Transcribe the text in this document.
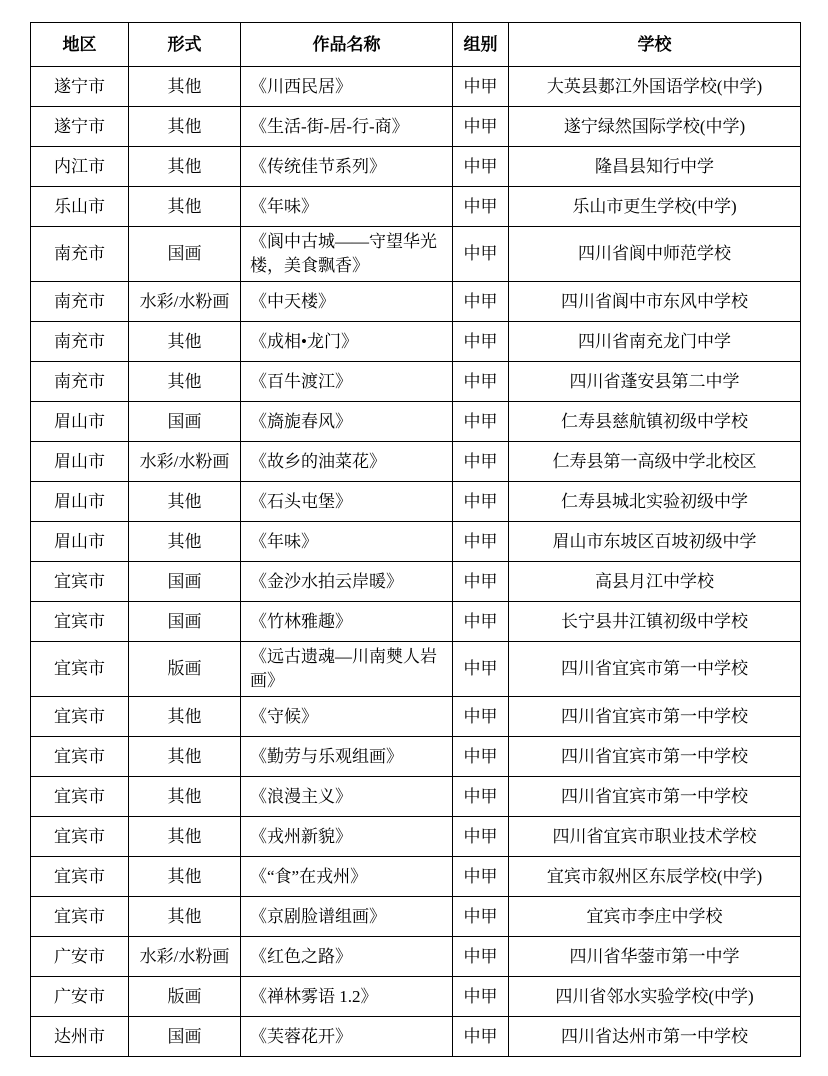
地区	形式	作品名称	组别	学校
遂宁市	其他	《川西民居》	中甲	大英县郪江外国语学校(中学)
遂宁市	其他	《生活-街-居-行-商》	中甲	遂宁绿然国际学校(中学)
内江市	其他	《传统佳节系列》	中甲	隆昌县知行中学
乐山市	其他	《年味》	中甲	乐山市更生学校(中学)
南充市	国画	《阆中古城——守望华光楼，美食飘香》	中甲	四川省阆中师范学校
南充市	水彩/水粉画	《中天楼》	中甲	四川省阆中市东风中学校
南充市	其他	《成相•龙门》	中甲	四川省南充龙门中学
南充市	其他	《百牛渡江》	中甲	四川省蓬安县第二中学
眉山市	国画	《旖旎春风》	中甲	仁寿县慈航镇初级中学校
眉山市	水彩/水粉画	《故乡的油菜花》	中甲	仁寿县第一高级中学北校区
眉山市	其他	《石头屯堡》	中甲	仁寿县城北实验初级中学
眉山市	其他	《年味》	中甲	眉山市东坡区百坡初级中学
宜宾市	国画	《金沙水拍云岸暖》	中甲	高县月江中学校
宜宾市	国画	《竹林雅趣》	中甲	长宁县井江镇初级中学校
宜宾市	版画	《远古遗魂—川南僰人岩画》	中甲	四川省宜宾市第一中学校
宜宾市	其他	《守候》	中甲	四川省宜宾市第一中学校
宜宾市	其他	《勤劳与乐观组画》	中甲	四川省宜宾市第一中学校
宜宾市	其他	《浪漫主义》	中甲	四川省宜宾市第一中学校
宜宾市	其他	《戎州新貌》	中甲	四川省宜宾市职业技术学校
宜宾市	其他	《“食”在戎州》	中甲	宜宾市叙州区东辰学校(中学)
宜宾市	其他	《京剧脸谱组画》	中甲	宜宾市李庄中学校
广安市	水彩/水粉画	《红色之路》	中甲	四川省华蓥市第一中学
广安市	版画	《禅林雾语 1.2》	中甲	四川省邻水实验学校(中学)
达州市	国画	《芙蓉花开》	中甲	四川省达州市第一中学校
